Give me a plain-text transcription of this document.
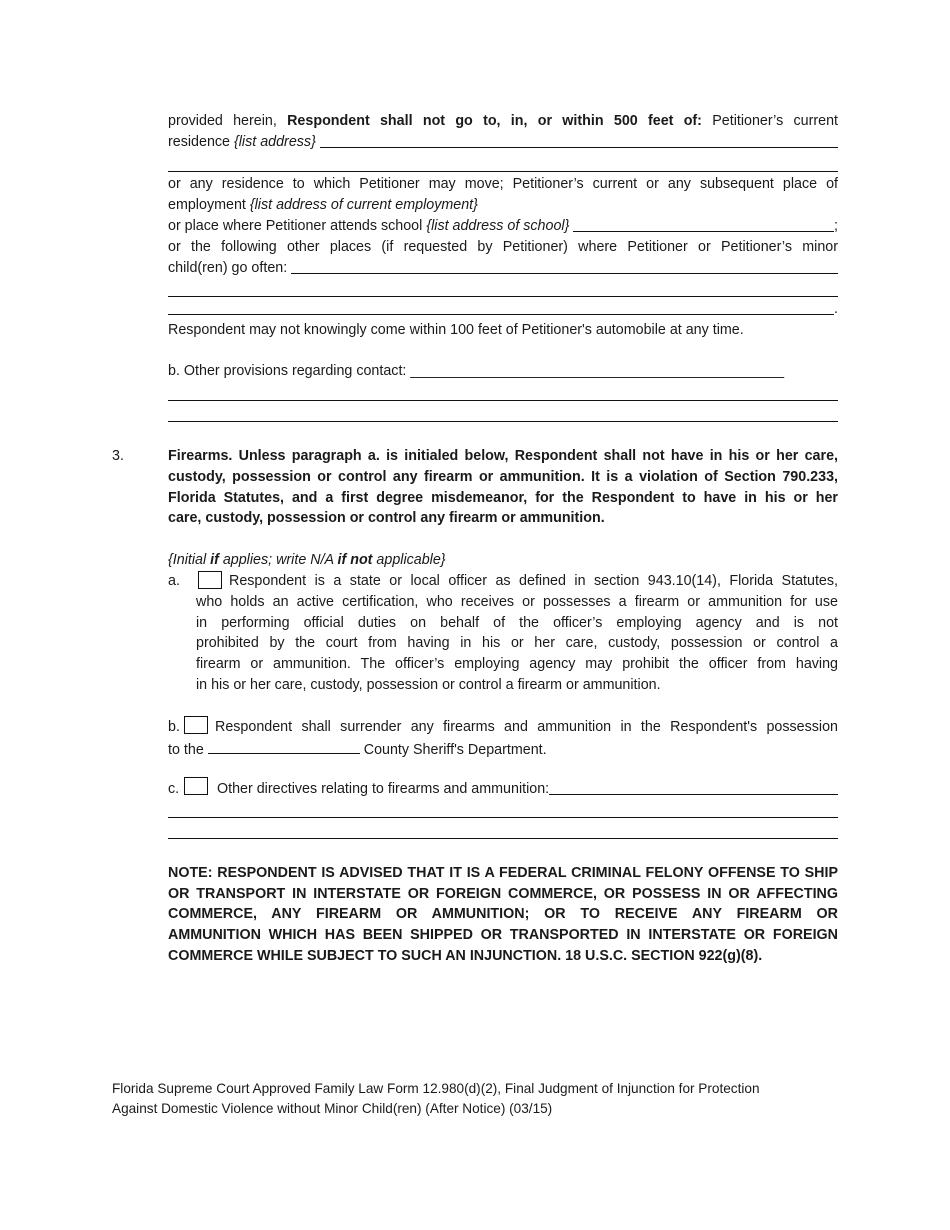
provided herein, Respondent shall not go to, in, or within 500 feet of: Petitioner’s current
residence
{list address}

or any residence to which Petitioner may move; Petitioner’s current or any subsequent place of
employment {list address of current employment}
or place where Petitioner attends school
{list address of school}
	;
or the following other places (if requested by Petitioner) where Petitioner or Petitioner’s minor
child(ren) go often:

.
Respondent may not knowingly come within 100 feet of Petitioner's automobile at any time.
b. Other provisions regarding contact: _______________________________________________
3.	Firearms. Unless paragraph a. is initialed below, Respondent shall not have in his or her care,
custody, possession or control any firearm or ammunition. It is a violation of Section 790.233,
Florida Statutes, and a first degree misdemeanor, for the Respondent to have in his or her
care, custody, possession or control any firearm or ammunition.
{Initial if applies; write N/A if not applicable}
a.	Respondent is a state or local officer as defined in section 943.10(14), Florida Statutes,
who holds an active certification, who receives or possesses a firearm or ammunition for use
in performing official duties on behalf of the officer’s employing agency and is not
prohibited by the court from having in his or her care, custody, possession or control a
firearm or ammunition. The officer’s employing agency may prohibit the officer from having
in his or her care, custody, possession or control a firearm or ammunition.
b.	Respondent shall surrender any firearms and ammunition in the Respondent's possession
to the	County Sheriff's Department.
c.	Other directives relating to firearms and ammunition:
NOTE: RESPONDENT IS ADVISED THAT IT IS A FEDERAL CRIMINAL FELONY OFFENSE TO SHIP
OR TRANSPORT IN INTERSTATE OR FOREIGN COMMERCE, OR POSSESS IN OR AFFECTING
COMMERCE, ANY FIREARM OR AMMUNITION; OR TO RECEIVE ANY FIREARM OR
AMMUNITION WHICH HAS BEEN SHIPPED OR TRANSPORTED IN INTERSTATE OR FOREIGN
COMMERCE WHILE SUBJECT TO SUCH AN INJUNCTION. 18 U.S.C. SECTION 922(g)(8).
Florida Supreme Court Approved Family Law Form 12.980(d)(2), Final Judgment of Injunction for Protection
Against Domestic Violence without Minor Child(ren) (After Notice) (03/15)
